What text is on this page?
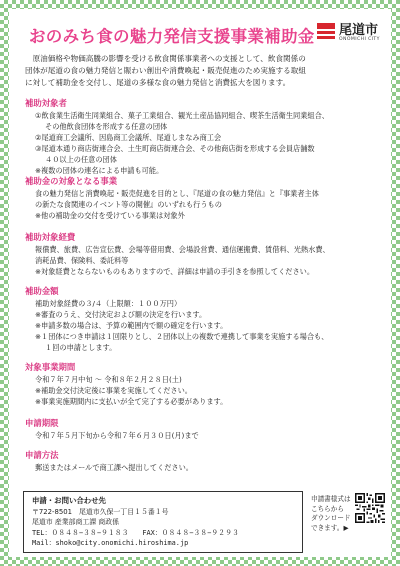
おのみち食の魅力発信支援事業補助金 尾道市
ONOMICHI CITY

原油価格や物価高騰の影響を受ける飲食関係事業者への支援として、飲食関係の

団体が尾道の食の魅力発信と賑わい創出や消費喚起・販売促進のため実施する取組
に対して補助金を交付し、尾道の多様な食の魅力発信と消費拡大を図ります。
補助対象者
①飲食業生活衛生同業組合、菓子工業組合、観光土産品協同組合、喫茶生活衛生同業組合、
その他飲食団体を形成する任意の団体
②尾道商工会議所、因島商工会議所、尾道しまなみ商工会
③尾道本通り商店街連合会、土生町商店街連合会、その他商店街を形成する会員店舗数
４０以上の任意の団体
※複数の団体の連名による申請も可能。
補助金の対象となる事業
食の魅力発信と消費喚起・販売促進を目的とし、『尾道の食の魅力発信』と『事業者主体
の新たな食関連のイベント等の開催』のいずれも行うもの
※他の補助金の交付を受けている事業は対象外
補助対象経費
報償費、旅費、広告宣伝費、会場等借用費、会場設営費、通信運搬費、賃借料、光熱水費、
消耗品費、保険料、委託料等
※対象経費とならないものもありますので、詳細は申請の手引きを参照してください。
補助金額
補助対象経費の３/４（上限額：１００万円）
※審査のうえ、交付決定および額の決定を行います。
※申請多数の場合は、予算の範囲内で額の確定を行います。
※１団体につき申請は１回限りとし、２団体以上の複数で連携して事業を実施する場合も、
１回の申請とします。
対象事業期間
令和７年７月中旬 〜 令和８年２月２８日(土)
※補助金交付決定後に事業を実施してください。
※事業実施期間内に支払いが全て完了する必要があります。
申請期限
令和７年５月下旬から令和７年６月３０日(月)まで
申請方法
郵送またはメールで商工課へ提出してください。
申請・お問い合わせ先
〒722-8501　尾道市久保一丁目１５番１号
尾道市 産業部商工課 商政係
TEL：０８４８−３８−９１８３　　FAX：０８４８−３８−９２９３
Mail：shoko@city.onomichi.hiroshima.jp
申請書様式は
こちらから
ダウンロード
できます。▶
